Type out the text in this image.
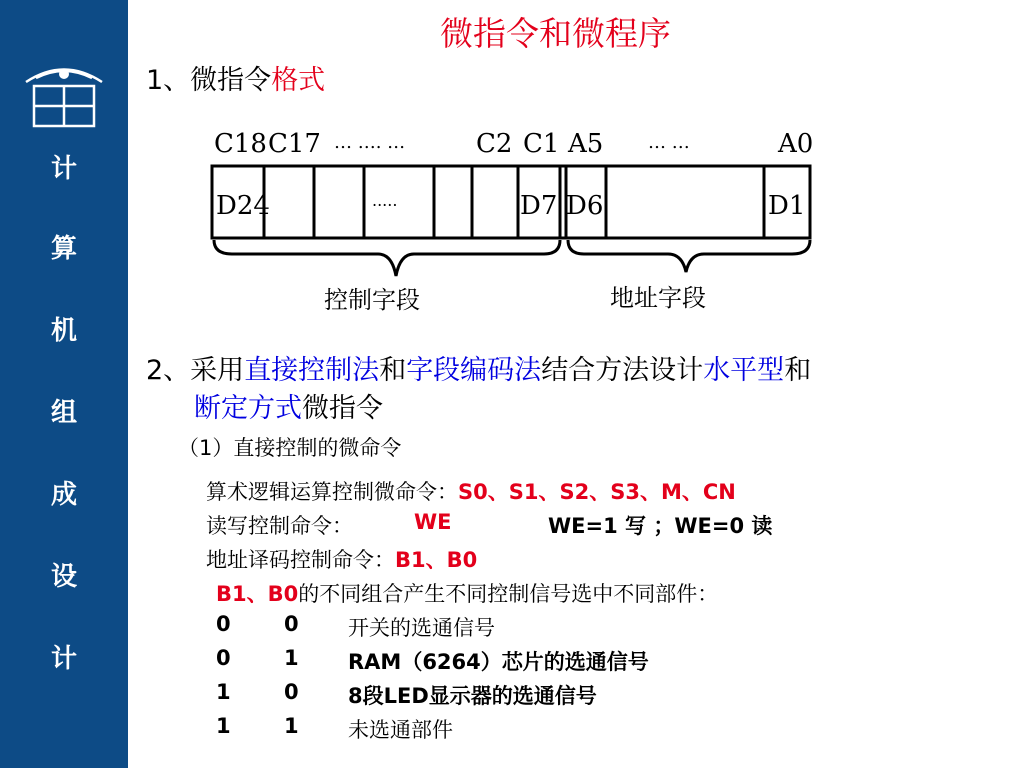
计
算
机
组
成
设
计
微指令和微程序
1、微指令格式
C18 C17 … …. …	C2 C1 A5 … …	A0
D24	.....	D7 D6	D1
控制字段	地址字段
2、采用直接控制法和字段编码法结合方法设计水平型和
断定方式微指令
（1）直接控制的微命令
算术逻辑运算控制微命令：S0、S1、S2、S3、M、CN
读写控制命令：	WE	WE=1 写 ；WE=0 读
地址译码控制命令：B1、B0
B1、B0的不同组合产生不同控制信号选中不同部件：
0	0 开关的选通信号
0	1 RAM（6264）芯片的选通信号
1	0 8段LED显示器的选通信号
1	1 未选通部件
